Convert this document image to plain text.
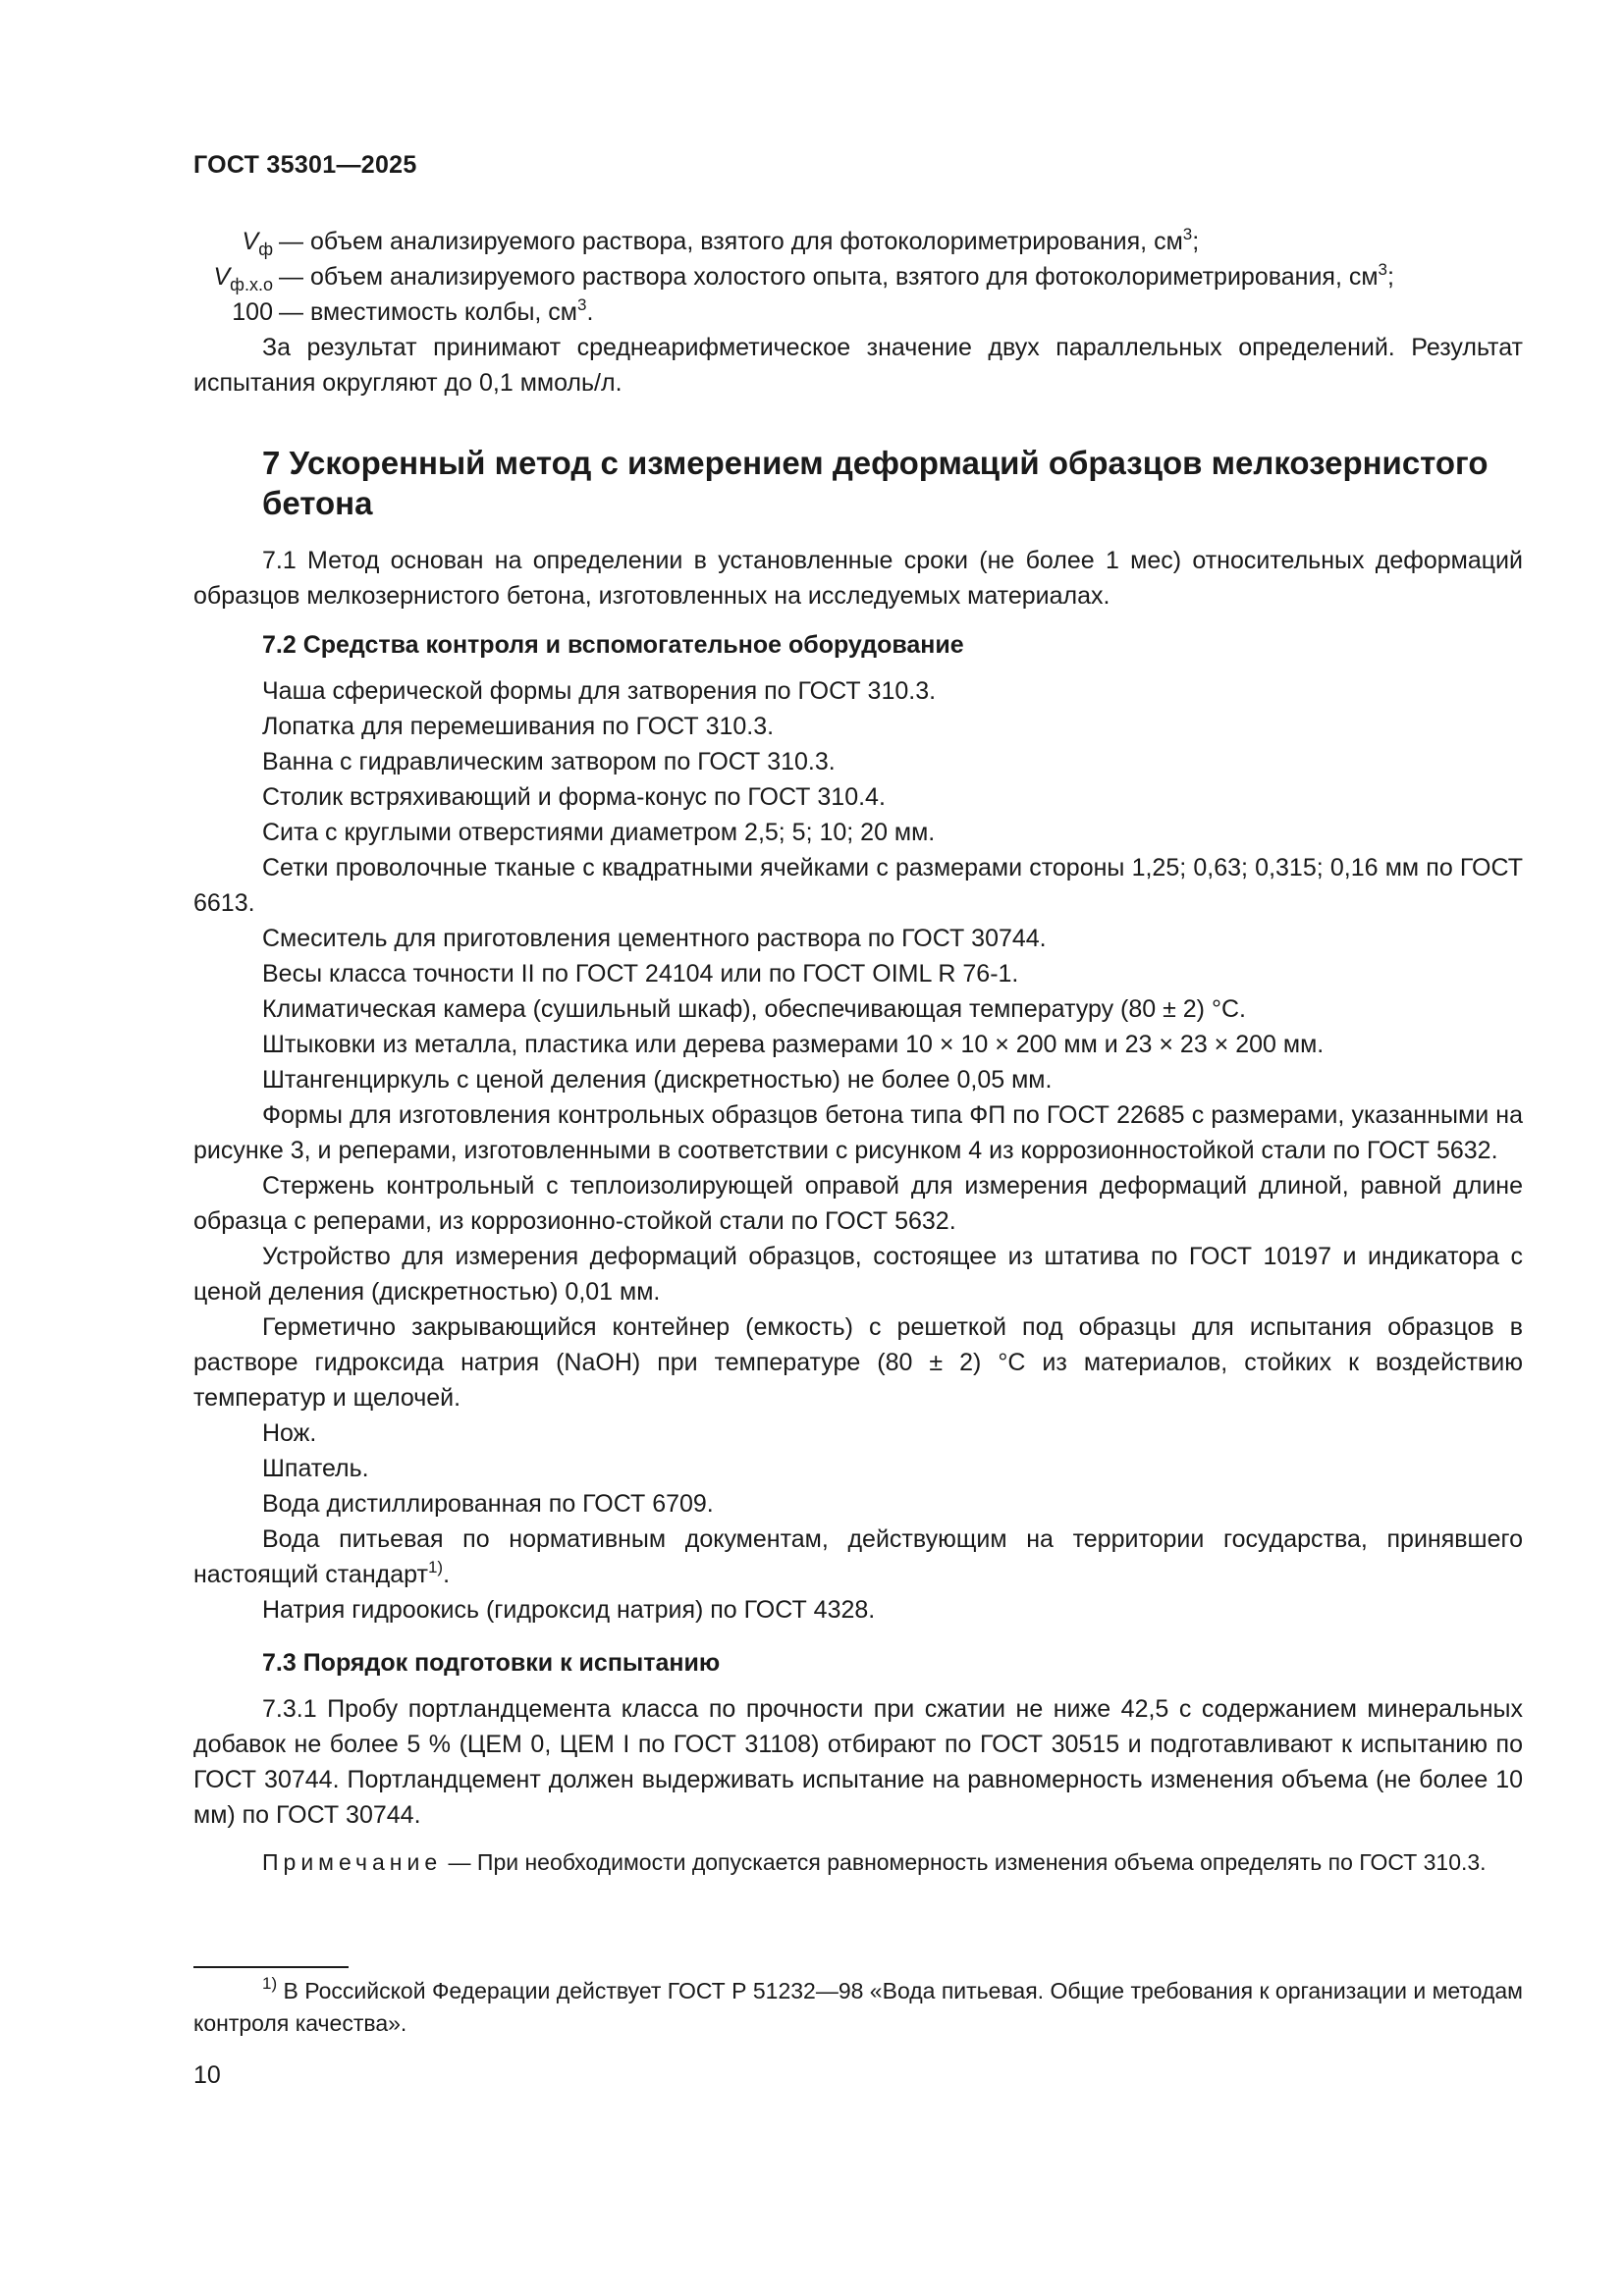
ГОСТ 35301—2025
$V_ф$ — объем анализируемого раствора, взятого для фотоколориметрирования, $см^3$;
$V_{ф.х.о}$ — объем анализируемого раствора холостого опыта, взятого для фотоколориметрирования, $см^3$;
100 — вместимость колбы, $см^3$.

За результат принимают среднеарифметическое значение двух параллельных определений. Результат испытания округляют до 0,1 ммоль/л.

7 Ускоренный метод с измерением деформаций образцов мелкозернистого бетона

7.1 Метод основан на определении в установленные сроки (не более 1 мес) относительных деформаций образцов мелкозернистого бетона, изготовленных на исследуемых материалах.

7.2 Средства контроля и вспомогательное оборудование

Чаша сферической формы для затворения по ГОСТ 310.3.

Лопатка для перемешивания по ГОСТ 310.3.

Ванна с гидравлическим затвором по ГОСТ 310.3.

Столик встряхивающий и форма-конус по ГОСТ 310.4.

Сита с круглыми отверстиями диаметром 2,5; 5; 10; 20 мм.

Сетки проволочные тканые с квадратными ячейками с размерами стороны 1,25; 0,63; 0,315; 0,16 мм по ГОСТ 6613.

Смеситель для приготовления цементного раствора по ГОСТ 30744.

Весы класса точности II по ГОСТ 24104 или по ГОСТ OIML R 76-1.

Климатическая камера (сушильный шкаф), обеспечивающая температуру (80 ± 2) °С.

Штыковки из металла, пластика или дерева размерами 10 × 10 × 200 мм и 23 × 23 × 200 мм.

Штангенциркуль с ценой деления (дискретностью) не более 0,05 мм.

Формы для изготовления контрольных образцов бетона типа ФП по ГОСТ 22685 с размерами, указанными на рисунке 3, и реперами, изготовленными в соответствии с рисунком 4 из коррозионностойкой стали по ГОСТ 5632.

Стержень контрольный с теплоизолирующей оправой для измерения деформаций длиной, равной длине образца с реперами, из коррозионно-стойкой стали по ГОСТ 5632.

Устройство для измерения деформаций образцов, состоящее из штатива по ГОСТ 10197 и индикатора с ценой деления (дискретностью) 0,01 мм.

Герметично закрывающийся контейнер (емкость) с решеткой под образцы для испытания образцов в растворе гидроксида натрия (NaOH) при температуре (80 ± 2) °С из материалов, стойких к воздействию температур и щелочей.

Нож.

Шпатель.

Вода дистиллированная по ГОСТ 6709.

Вода питьевая по нормативным документам, действующим на территории государства, принявшего настоящий стандарт$^{1)}$.

Натрия гидроокись (гидроксид натрия) по ГОСТ 4328.

7.3 Порядок подготовки к испытанию

7.3.1 Пробу портландцемента класса по прочности при сжатии не ниже 42,5 с содержанием минеральных добавок не более 5 % (ЦЕМ 0, ЦЕМ I по ГОСТ 31108) отбирают по ГОСТ 30515 и подготавливают к испытанию по ГОСТ 30744. Портландцемент должен выдерживать испытание на равномерность изменения объема (не более 10 мм) по ГОСТ 30744.

Примечание — При необходимости допускается равномерность изменения объема определять по ГОСТ 310.3.

$^{1)}$ В Российской Федерации действует ГОСТ Р 51232—98 «Вода питьевая. Общие требования к организации и методам контроля качества».
10
